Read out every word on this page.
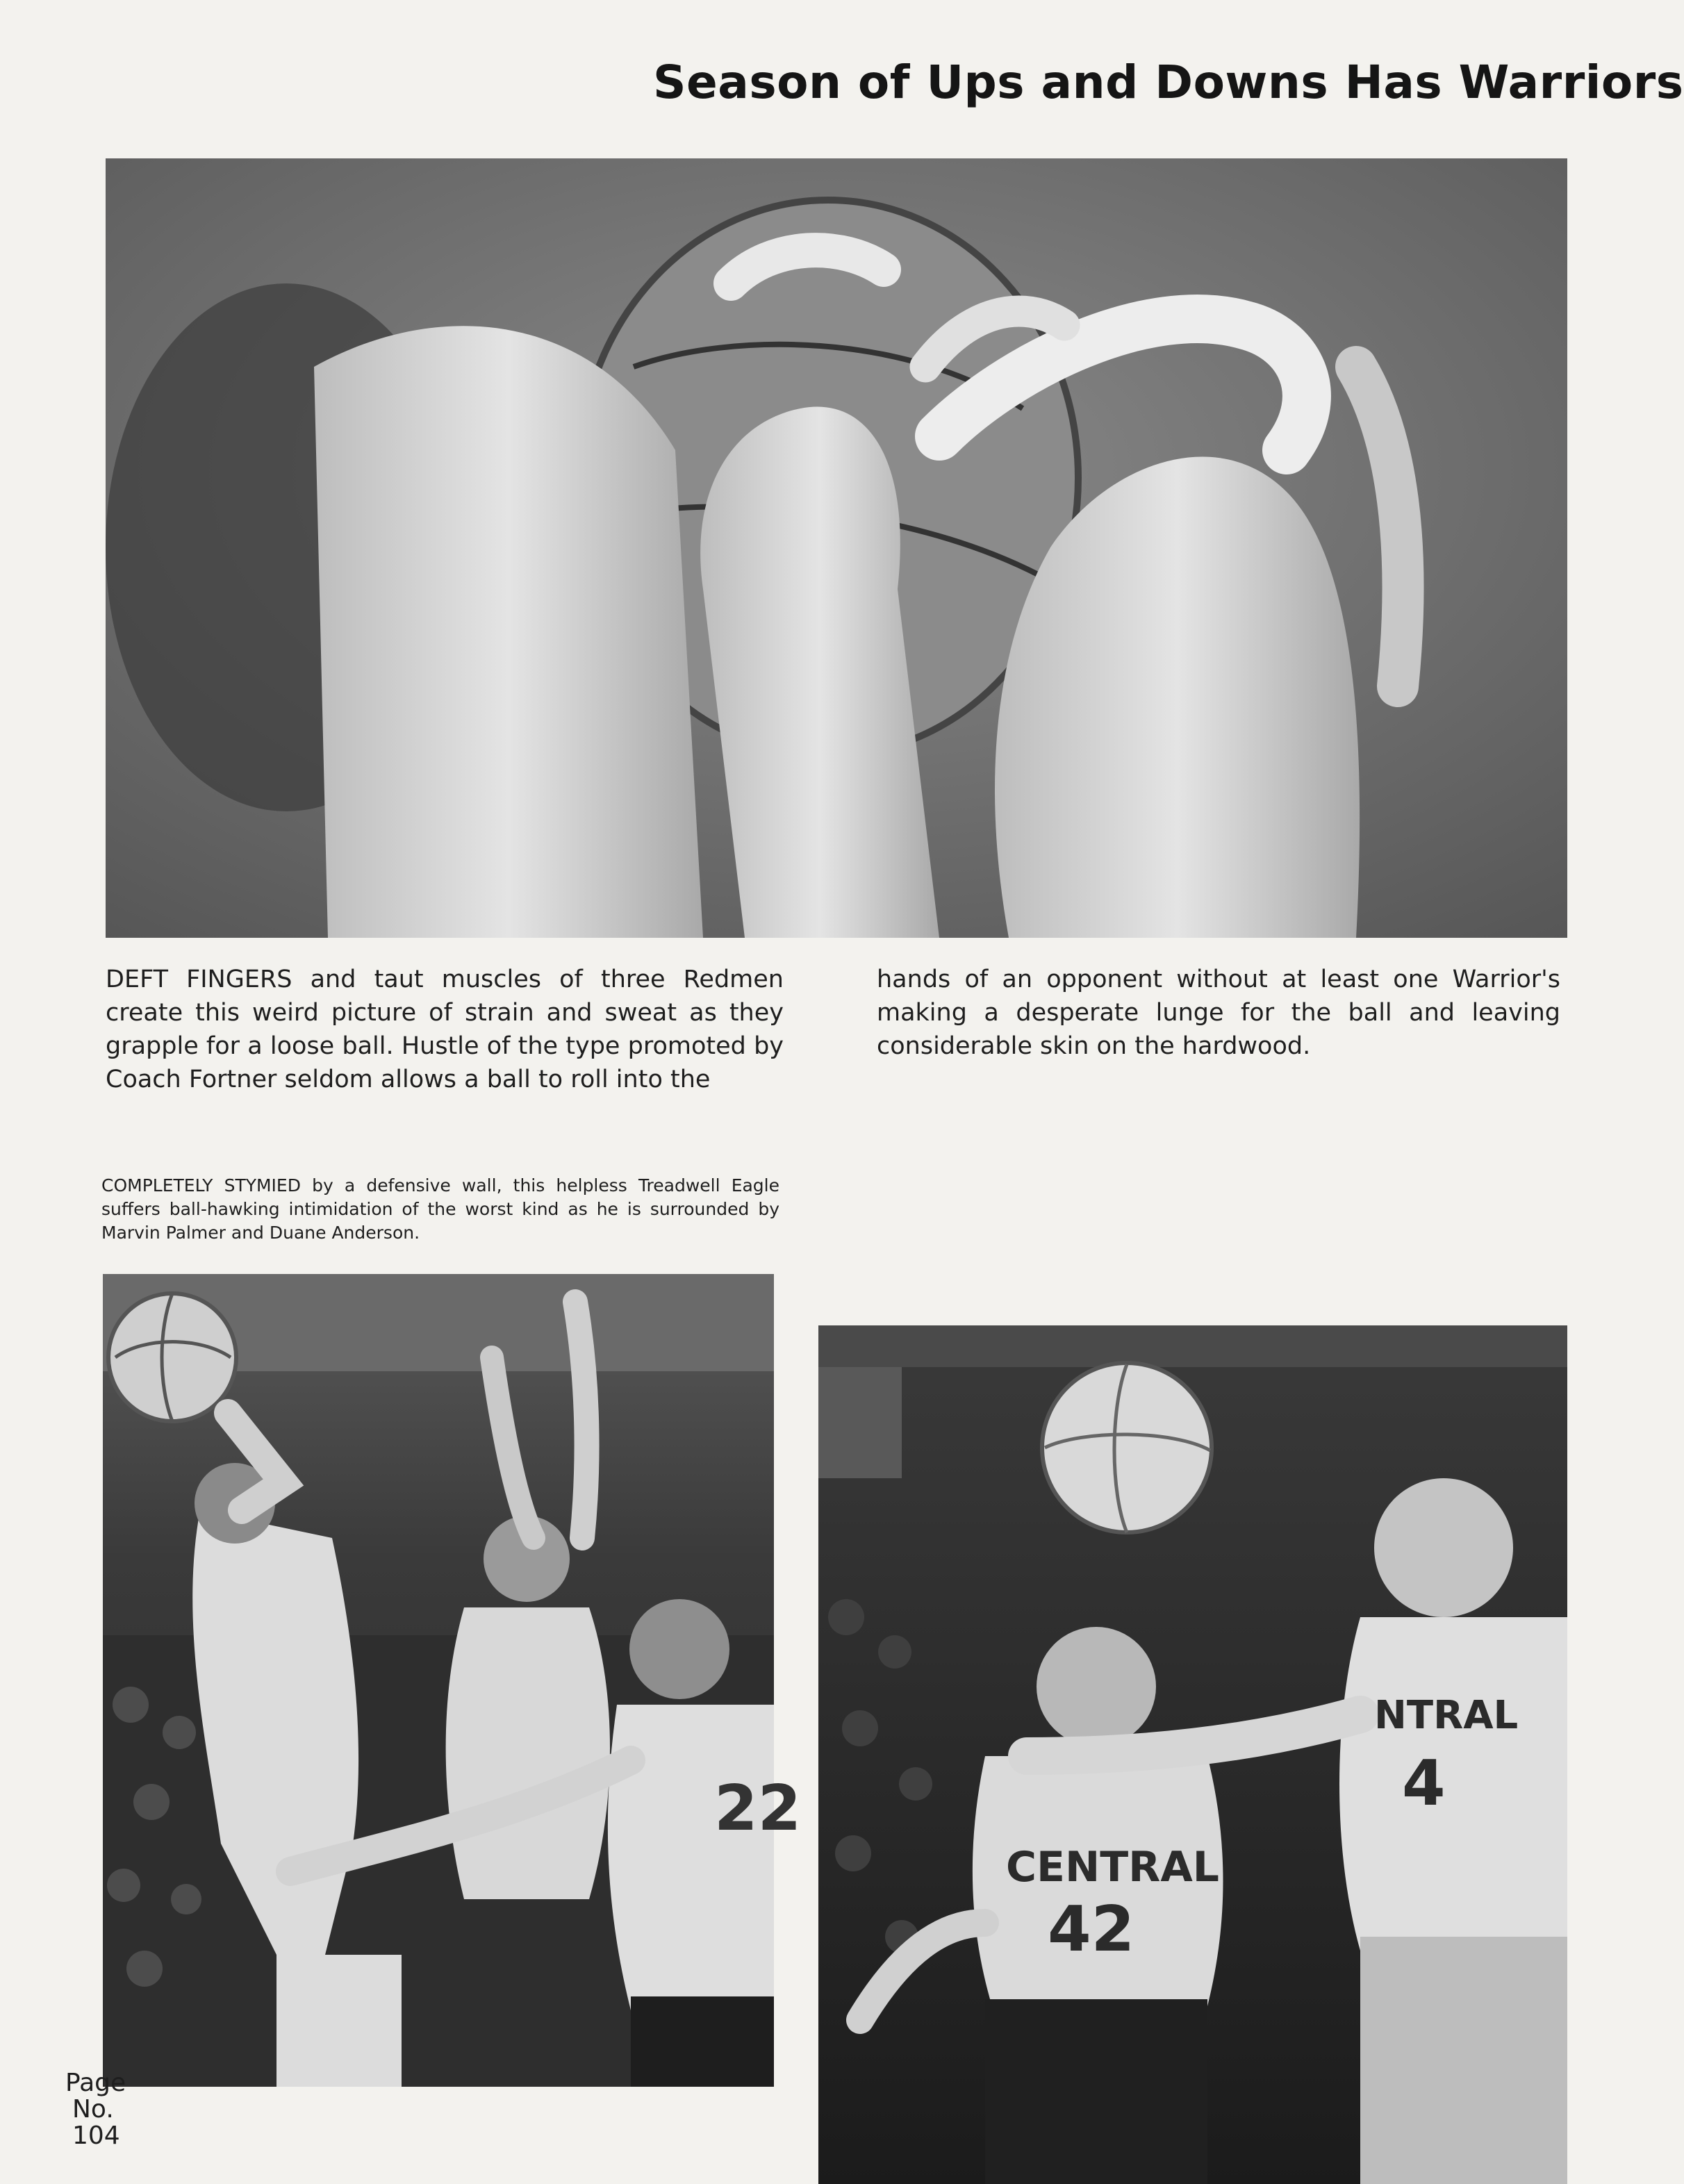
Season of Ups and Downs Has Warriors
DEFT FINGERS and taut muscles of three Redmen create this weird picture of strain and sweat as they grapple for a loose ball. Hustle of the type promoted by Coach Fortner seldom allows a ball to roll into the
hands of an opponent without at least one Warrior's making a desperate lunge for the ball and leaving considerable skin on the hardwood.
COMPLETELY STYMIED by a defensive wall, this helpless Treadwell Eagle suffers ball-hawking intimidation of the worst kind as he is surrounded by Marvin Palmer and Duane Anderson.
22
CENTRAL
42
NTRAL
4
Page
No.
104
